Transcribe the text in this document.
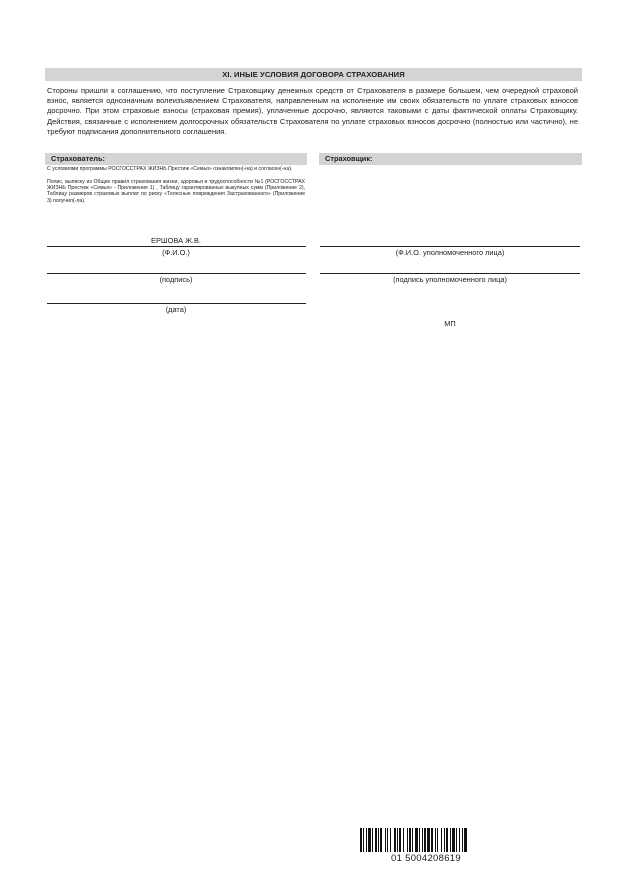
XI. ИНЫЕ УСЛОВИЯ ДОГОВОРА СТРАХОВАНИЯ

Стороны пришли к соглашению, что поступление Страховщику денежных средств от Страхователя в размере большем, чем очередной страховой взнос, является однозначным волеизъявлением Страхователя, направленным на исполнение им своих обязательств по уплате страховых взносов досрочно. При этом страховые взносы (страховая премия), уплаченные досрочно, являются таковыми с даты фактической оплаты Страховщику. Действия, связанные с исполнением долгосрочных обязательств Страхователя по уплате страховых взносов досрочно (полностью или частично), не требуют подписания дополнительного соглашения.

Страхователь:

С условиями программы РОСГОССТРАХ ЖИЗНЬ Престиж «Семья» ознакомлен(-на) и согласен(-на).

Полис, выписку из Общих правил страхования жизни, здоровья и трудоспособности №1 (РОСГОССТРАХ ЖИЗНЬ Престиж «Семья» - Приложение 1) , Таблицу гарантированных выкупных сумм (Приложение 2), Таблицу размеров страховых выплат по риску «Телесные повреждения Застрахованного» (Приложение 3) получил(-ла).

ЕРШОВА Ж.В.
(Ф.И.О.)
(подпись)
(дата)
Страховщик:
(Ф.И.О. уполномоченного лица)
(подпись уполномоченного лица)
МП
01 5004208619
